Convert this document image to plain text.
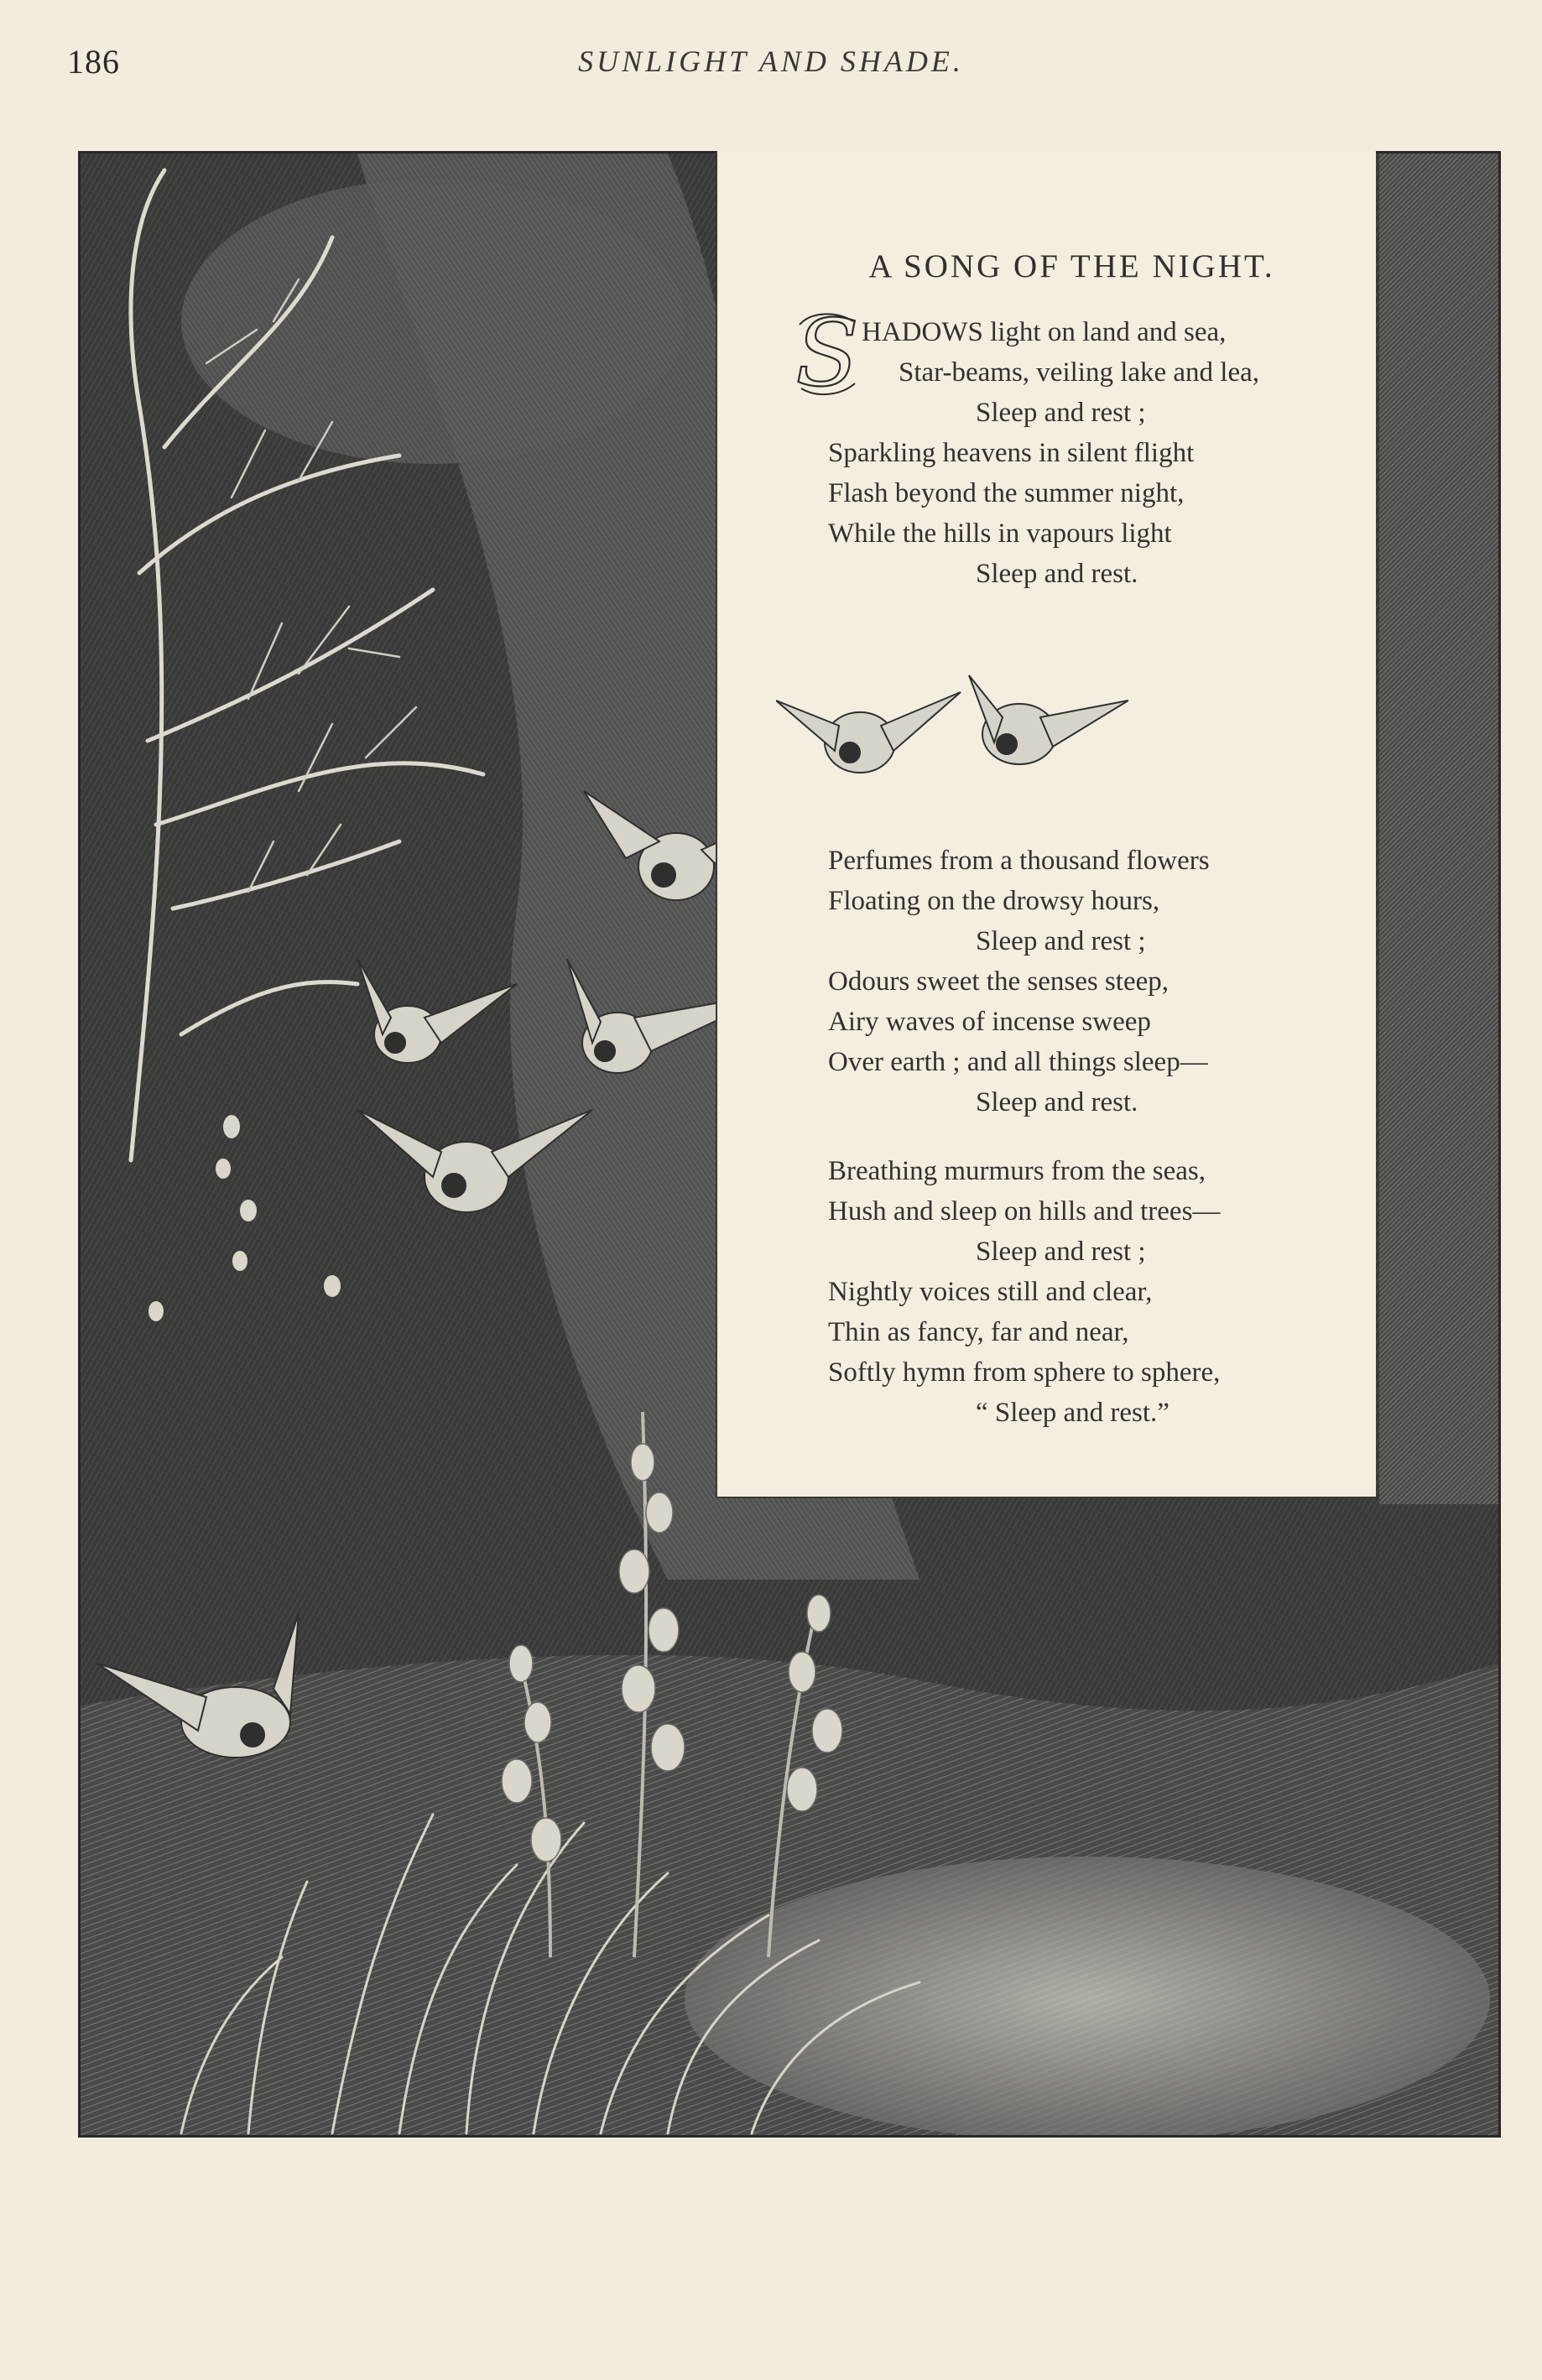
186	SUNLIGHT AND SHADE.
A SONG OF THE NIGHT.
S HADOWS light on land and sea,
Star-beams, veiling lake and lea,
Sleep and rest ;
Sparkling heavens in silent flight
Flash beyond the summer night,
While the hills in vapours light
Sleep and rest.
Perfumes from a thousand flowers
Floating on the drowsy hours,
Sleep and rest ;
Odours sweet the senses steep,
Airy waves of incense sweep
Over earth ; and all things sleep—
Sleep and rest.
Breathing murmurs from the seas,
Hush and sleep on hills and trees—
Sleep and rest ;
Nightly voices still and clear,
Thin as fancy, far and near,
Softly hymn from sphere to sphere,
“ Sleep and rest.”
